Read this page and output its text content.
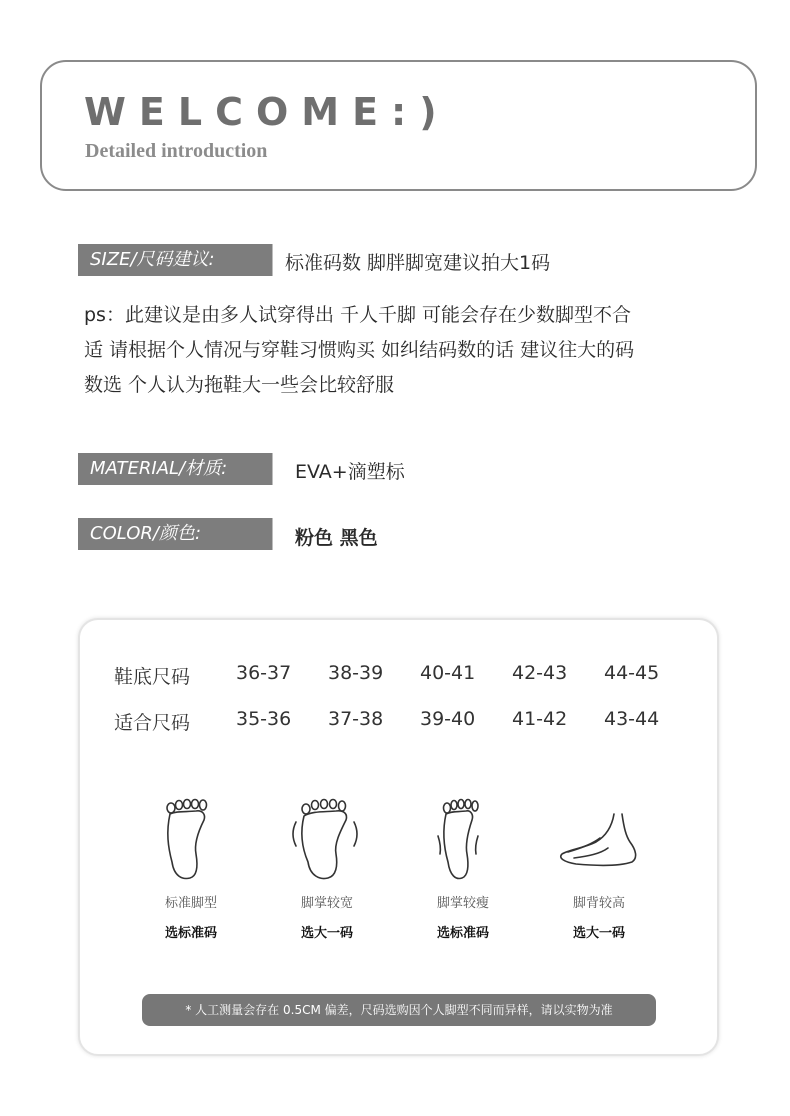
WELCOME:)
Detailed introduction
SIZE/尺码建议:	标准码数 脚胖脚宽建议拍大1码

ps：此建议是由多人试穿得出 千人千脚 可能会存在少数脚型不合
适 请根据个人情况与穿鞋习惯购买 如纠结码数的话 建议往大的码
数选 个人认为拖鞋大一些会比较舒服

MATERIAL/材质:	EVA+滴塑标
COLOR/颜色:	粉色 黑色
鞋底尺码 36-37 38-39 40-41 42-43 44-45
适合尺码 35-36 37-38 39-40 41-42 43-44
标准脚型
选标准码
脚掌较宽
选大一码
脚掌较瘦
选标准码
脚背较高
选大一码
* 人工测量会存在 0.5CM 偏差，尺码选购因个人脚型不同而异样，请以实物为准
